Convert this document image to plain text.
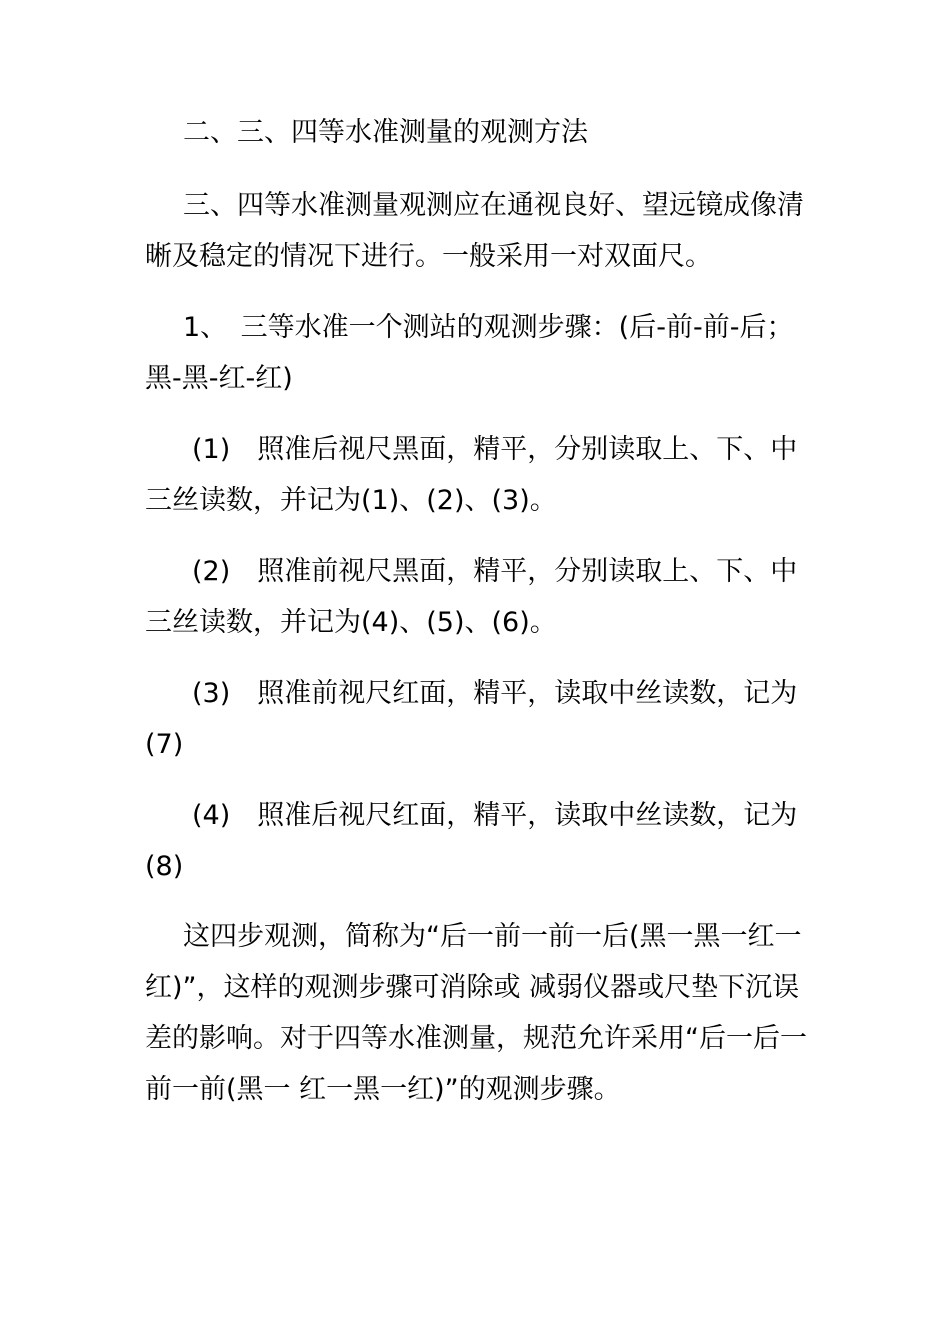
二、三、四等水准测量的观测方法

三、四等水准测量观测应在通视良好、望远镜成像清晰及稳定的情况下进行。一般采用一对双面尺。

1、　三等水准一个测站的观测步骤：(后-前-前-后；黑-黑-红-红)

(1)　照准后视尺黑面，精平，分别读取上、下、中三丝读数，并记为(1)、(2)、(3)。

(2)　照准前视尺黑面，精平，分别读取上、下、中三丝读数，并记为(4)、(5)、(6)。

(3)　照准前视尺红面，精平，读取中丝读数，记为(7)

(4)　照准后视尺红面，精平，读取中丝读数，记为(8)

这四步观测，简称为“后一前一前一后(黑一黑一红一红)”，这样的观测步骤可消除或 减弱仪器或尺垫下沉误差的影响。对于四等水准测量，规范允许采用“后一后一前一前(黑一 红一黑一红)”的观测步骤。
